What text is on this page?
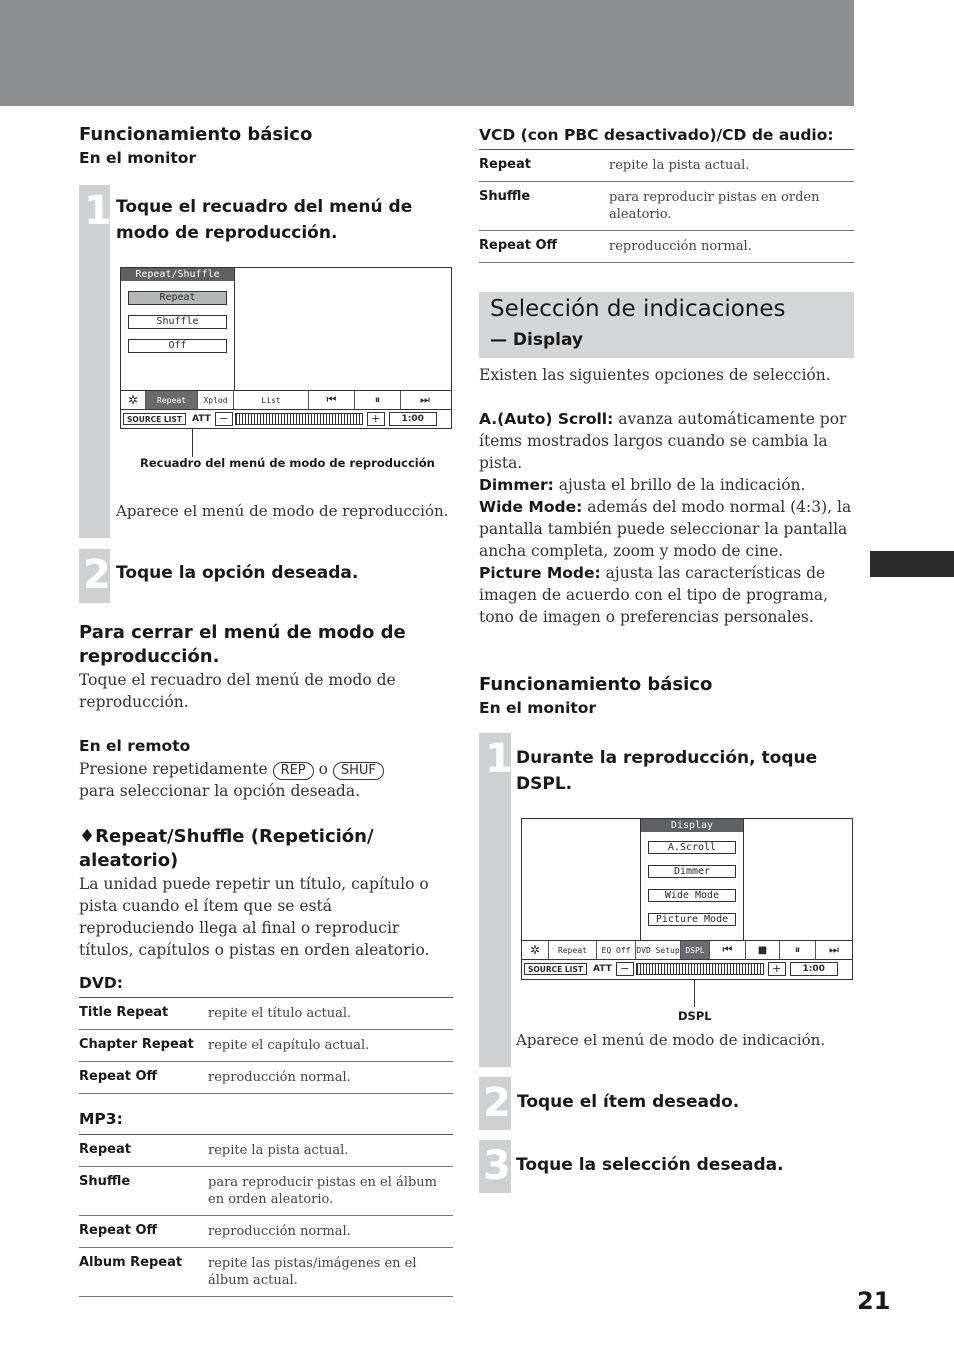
Funcionamiento básico
En el monitor
1 Toque el recuadro del menú de modo de reproducción.
Repeat/Shuffle
Repeat
Shuffle
Off
✲	Repeat	Xplod	List	⏮	⏸	⏭
SOURCE LIST	ATT −	+	1:00
Recuadro del menú de modo de reproducción
Aparece el menú de modo de reproducción.
2 Toque la opción deseada.
Para cerrar el menú de modo de reproducción.
Toque el recuadro del menú de modo de reproducción.
En el remoto
Presione repetidamente REP o SHUF
para seleccionar la opción deseada.
♦Repeat/Shuffle (Repetición/ aleatorio)
La unidad puede repetir un título, capítulo o pista cuando el ítem que se está reproduciendo llega al final o reproducir títulos, capítulos o pistas en orden aleatorio.
DVD:
Title Repeat	repite el título actual.
Chapter Repeat	repite el capítulo actual.
Repeat Off	reproducción normal.
MP3:
Repeat	repite la pista actual.
Shuffle	para reproducir pistas en el álbum en orden aleatorio.
Repeat Off	reproducción normal.
Album Repeat	repite las pistas/imágenes en el álbum actual.
VCD (con PBC desactivado)/CD de audio:
Repeat	repite la pista actual.
Shuffle	para reproducir pistas en orden aleatorio.
Repeat Off	reproducción normal.
Selección de indicaciones
— Display
Existen las siguientes opciones de selección.
A.(Auto) Scroll: avanza automáticamente por ítems mostrados largos cuando se cambia la pista.
Dimmer: ajusta el brillo de la indicación.
Wide Mode: además del modo normal (4:3), la pantalla también puede seleccionar la pantalla ancha completa, zoom y modo de cine.
Picture Mode: ajusta las características de imagen de acuerdo con el tipo de programa, tono de imagen o preferencias personales.
Funcionamiento básico
En el monitor
1 Durante la reproducción, toque DSPL.
Display
A.Scroll
Dimmer
Wide Mode
Picture Mode
✲	Repeat	EQ Off DVD Setup DSPL	⏮	■	⏸	⏭
SOURCE LIST	ATT −	+	1:00
DSPL
Aparece el menú de modo de indicación.
2 Toque el ítem deseado.
3 Toque la selección deseada.
21
